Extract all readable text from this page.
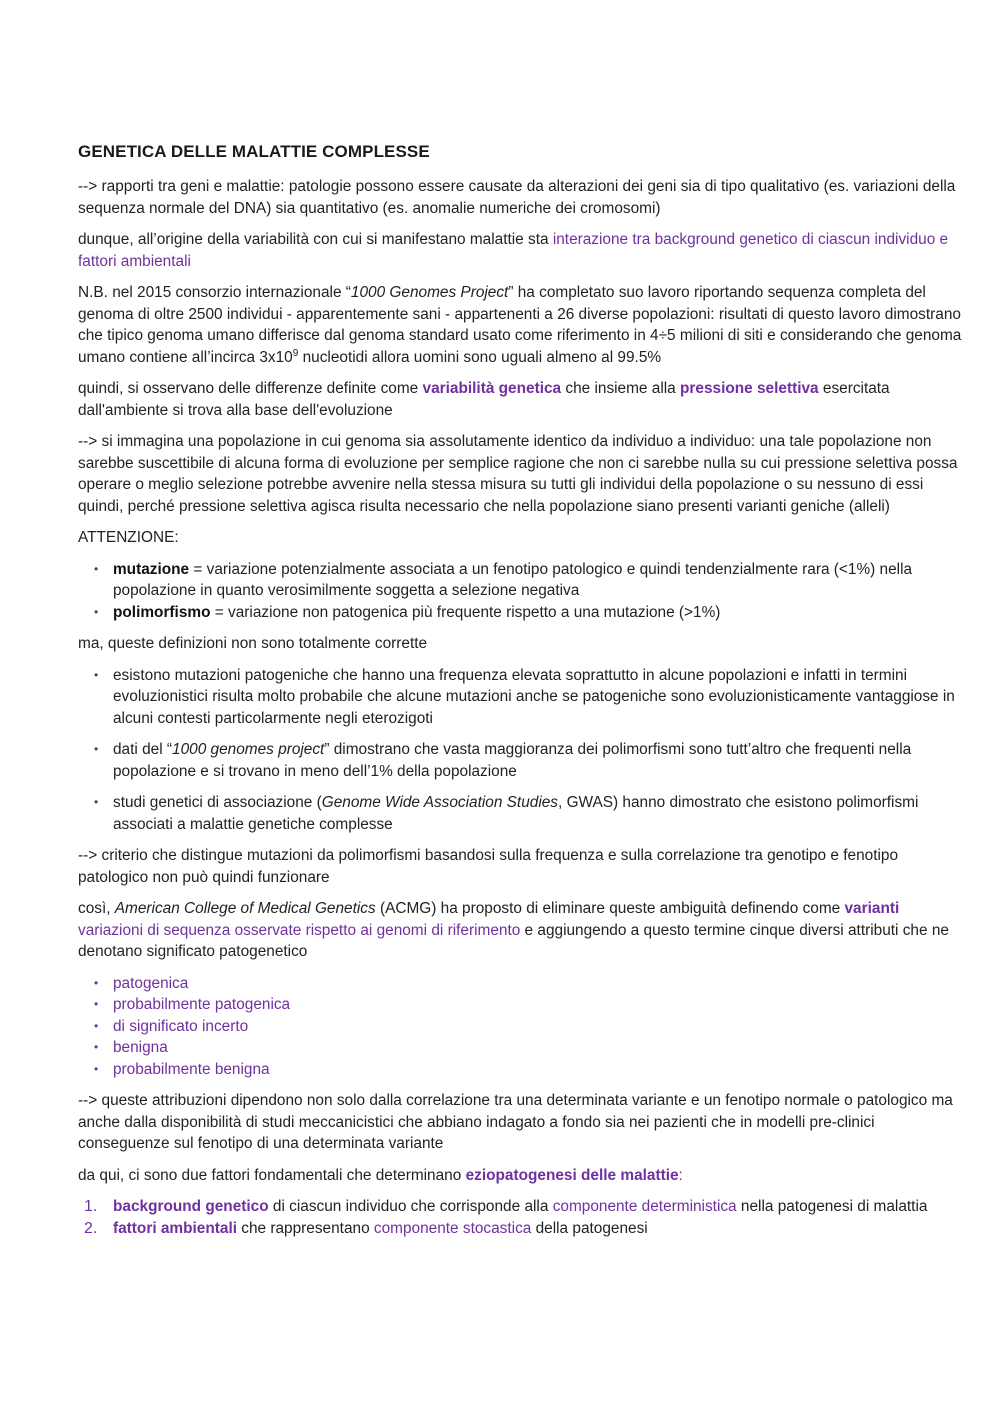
GENETICA DELLE MALATTIE COMPLESSE

--> rapporti tra geni e malattie: patologie possono essere causate da alterazioni dei geni sia di tipo qualitativo (es. variazioni della sequenza normale del DNA) sia quantitativo (es. anomalie numeriche dei cromosomi)

dunque, all’origine della variabilità con cui si manifestano malattie sta interazione tra background genetico di ciascun individuo e fattori ambientali

N.B. nel 2015 consorzio internazionale “1000 Genomes Project” ha completato suo lavoro riportando sequenza completa del genoma di oltre 2500 individui - apparentemente sani - appartenenti a 26 diverse popolazioni: risultati di questo lavoro dimostrano che tipico genoma umano differisce dal genoma standard usato come riferimento in 4÷5 milioni di siti e considerando che genoma umano contiene all’incirca $3x10^9$ nucleotidi allora uomini sono uguali almeno al 99.5%

quindi, si osservano delle differenze definite come variabilità genetica che insieme alla pressione selettiva esercitata dall'ambiente si trova alla base dell'evoluzione

--> si immagina una popolazione in cui genoma sia assolutamente identico da individuo a individuo: una tale popolazione non sarebbe suscettibile di alcuna forma di evoluzione per semplice ragione che non ci sarebbe nulla su cui pressione selettiva possa operare o meglio selezione potrebbe avvenire nella stessa misura su tutti gli individui della popolazione o su nessuno di essi
quindi, perché pressione selettiva agisca risulta necessario che nella popolazione siano presenti varianti geniche (alleli)

ATTENZIONE:

• mutazione = variazione potenzialmente associata a un fenotipo patologico e quindi tendenzialmente rara (<1%) nella popolazione in quanto verosimilmente soggetta a selezione negativa
• polimorfismo = variazione non patogenica più frequente rispetto a una mutazione (>1%)

ma, queste definizioni non sono totalmente corrette

• esistono mutazioni patogeniche che hanno una frequenza elevata soprattutto in alcune popolazioni e infatti in termini evoluzionistici risulta molto probabile che alcune mutazioni anche se patogeniche sono evoluzionisticamente vantaggiose in alcuni contesti particolarmente negli eterozigoti
• dati del “1000 genomes project” dimostrano che vasta maggioranza dei polimorfismi sono tutt’altro che frequenti nella popolazione e si trovano in meno dell’1% della popolazione
• studi genetici di associazione (Genome Wide Association Studies, GWAS) hanno dimostrato che esistono polimorfismi associati a malattie genetiche complesse

--> criterio che distingue mutazioni da polimorfismi basandosi sulla frequenza e sulla correlazione tra genotipo e fenotipo patologico non può quindi funzionare

così, American College of Medical Genetics (ACMG) ha proposto di eliminare queste ambiguità definendo come varianti variazioni di sequenza osservate rispetto ai genomi di riferimento e aggiungendo a questo termine cinque diversi attributi che ne denotano significato patogenetico

• patogenica
• probabilmente patogenica
• di significato incerto
• benigna
• probabilmente benigna

--> queste attribuzioni dipendono non solo dalla correlazione tra una determinata variante e un fenotipo normale o patologico ma anche dalla disponibilità di studi meccanicistici che abbiano indagato a fondo sia nei pazienti che in modelli pre-clinici conseguenze sul fenotipo di una determinata variante

da qui, ci sono due fattori fondamentali che determinano eziopatogenesi delle malattie:

1. background genetico di ciascun individuo che corrisponde alla componente deterministica nella patogenesi di malattia
2. fattori ambientali che rappresentano componente stocastica della patogenesi
